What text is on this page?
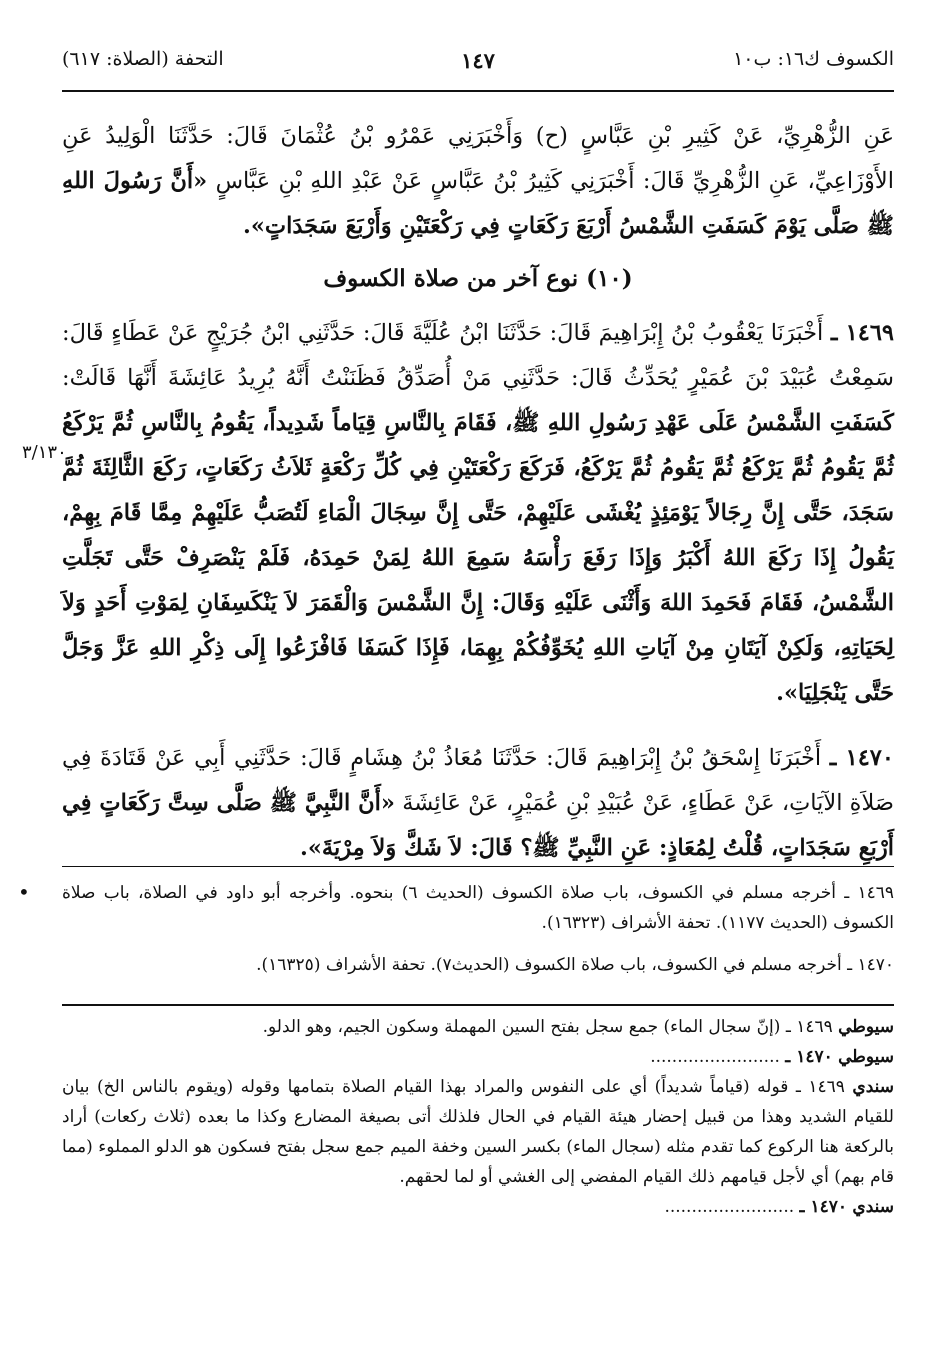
الكسوف ك١٦: ب١٠
١٤٧
التحفة (الصلاة: ٦١٧)

عَنِ الزُّهْرِيِّ، عَنْ كَثِيرِ بْنِ عَبَّاسٍ (ح) وَأَخْبَرَنِي عَمْرُو بْنُ عُثْمَانَ قَالَ: حَدَّثَنَا الْوَلِيدُ عَنِ الأَوْزَاعِيِّ، عَنِ الزُّهْرِيِّ قَالَ: أَخْبَرَنِي كَثِيرُ بْنُ عَبَّاسٍ عَنْ عَبْدِ اللهِ بْنِ عَبَّاسٍ «أَنَّ رَسُولَ اللهِ ﷺ صَلَّى يَوْمَ كَسَفَتِ الشَّمْسُ أَرْبَعَ رَكَعَاتٍ فِي رَكْعَتَيْنِ وَأَرْبَعَ سَجَدَاتٍ».

(١٠) نوع آخر من صلاة الكسوف

١٤٦٩ ـ أَخْبَرَنَا يَعْقُوبُ بْنُ إِبْرَاهِيمَ قَالَ: حَدَّثَنَا ابْنُ عُلَيَّةَ قَالَ: حَدَّثَنِي ابْنُ جُرَيْجٍ عَنْ عَطَاءٍ قَالَ: سَمِعْتُ عُبَيْدَ بْنَ عُمَيْرٍ يُحَدِّثُ قَالَ: حَدَّثَنِي مَنْ أُصَدِّقُ فَظَنَنْتُ أَنَّهُ يُرِيدُ عَائِشَةَ أَنَّهَا قَالَتْ: كَسَفَتِ الشَّمْسُ عَلَى عَهْدِ رَسُولِ اللهِ ﷺ، فَقَامَ بِالنَّاسِ قِيَاماً شَدِيداً، يَقُومُ بِالنَّاسِ ثُمَّ يَرْكَعُ ثُمَّ يَقُومُ ثُمَّ يَرْكَعُ ثُمَّ يَقُومُ ثُمَّ يَرْكَعُ، فَرَكَعَ رَكْعَتَيْنِ فِي كُلِّ رَكْعَةٍ ثَلاَثُ رَكَعَاتٍ، رَكَعَ الثَّالِثَةَ ثُمَّ سَجَدَ، حَتَّى إِنَّ رِجَالاً يَوْمَئِذٍ يُغْشَى عَلَيْهِمْ، حَتَّى إِنَّ سِجَالَ الْمَاءِ لَتُصَبُّ عَلَيْهِمْ مِمَّا قَامَ بِهِمْ، يَقُولُ إِذَا رَكَعَ اللهُ أَكْبَرُ وَإِذَا رَفَعَ رَأْسَهُ سَمِعَ اللهُ لِمَنْ حَمِدَهُ، فَلَمْ يَنْصَرِفْ حَتَّى تَجَلَّتِ الشَّمْسُ، فَقَامَ فَحَمِدَ اللهَ وَأَثْنَى عَلَيْهِ وَقَالَ: إِنَّ الشَّمْسَ وَالْقَمَرَ لاَ يَنْكَسِفَانِ لِمَوْتِ أَحَدٍ وَلاَ لِحَيَاتِهِ، وَلَكِنْ آيَتَانِ مِنْ آيَاتِ اللهِ يُخَوِّفُكُمْ بِهِمَا، فَإِذَا كَسَفَا فَافْزَعُوا إِلَى ذِكْرِ اللهِ عَزَّ وَجَلَّ حَتَّى يَنْجَلِيَا».

١٤٧٠ ـ أَخْبَرَنَا إِسْحَقُ بْنُ إِبْرَاهِيمَ قَالَ: حَدَّثَنَا مُعَاذُ بْنُ هِشَامٍ قَالَ: حَدَّثَنِي أَبِي عَنْ قَتَادَةَ فِي صَلاَةِ الآيَاتِ، عَنْ عَطَاءٍ، عَنْ عُبَيْدِ بْنِ عُمَيْرٍ، عَنْ عَائِشَةَ «أَنَّ النَّبِيَّ ﷺ صَلَّى سِتَّ رَكَعَاتٍ فِي أَرْبَعِ سَجَدَاتٍ، قُلْتُ لِمُعَاذٍ: عَنِ النَّبِيِّ ﷺ؟ قَالَ: لاَ شَكَّ وَلاَ مِرْيَةَ».

٣/١٣٠
• ١٤٦٩ ـ أخرجه مسلم في الكسوف، باب صلاة الكسوف (الحديث ٦) بنحوه. وأخرجه أبو داود في الصلاة، باب صلاة الكسوف (الحديث ١١٧٧). تحفة الأشراف (١٦٣٢٣).

١٤٧٠ ـ أخرجه مسلم في الكسوف، باب صلاة الكسوف (الحديث٧). تحفة الأشراف (١٦٣٢٥).

سيوطي ١٤٦٩ ـ (إنّ سجال الماء) جمع سجل بفتح السين المهملة وسكون الجيم، وهو الدلو.

سيوطي ١٤٧٠ ـ ........................

سندي ١٤٦٩ ـ قوله (قياماً شديداً) أي على النفوس والمراد بهذا القيام الصلاة بتمامها وقوله (ويقوم بالناس الخ) بيان للقيام الشديد وهذا من قبيل إحضار هيئة القيام في الحال فلذلك أتى بصيغة المضارع وكذا ما بعده (ثلاث ركعات) أراد بالركعة هنا الركوع كما تقدم مثله (سجال الماء) بكسر السين وخفة الميم جمع سجل بفتح فسكون هو الدلو المملوء (مما قام بهم) أي لأجل قيامهم ذلك القيام المفضي إلى الغشي أو لما لحقهم.

سندي ١٤٧٠ ـ ........................
